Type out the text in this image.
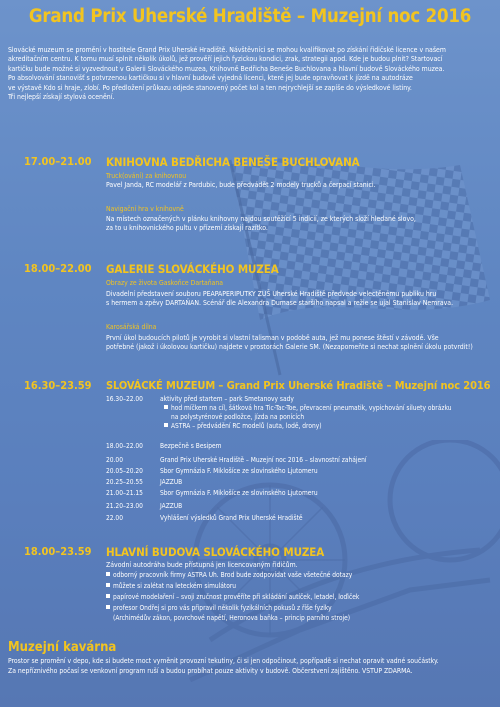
Grand Prix Uherské Hradiště – Muzejní noc 2016

Slovácké muzeum se promění v hostitele Grand Prix Uherské Hradiště. Návštěvníci se mohou kvalifikovat po získání řidičské licence v našem

akreditačním centru. K tomu musí splnit několik úkolů, jež prověří jejich fyzickou kondici, zrak, strategii apod. Kde je budou plnit? Startovací

kartičku bude možné si vyzvednout v Galerii Slováckého muzea, Knihovně Bedřicha Beneše Buchlovana a hlavní budově Slováckého muzea.

Po absolvování stanovišť s potvrzenou kartičkou si v hlavní budově vyjedná licenci, které jej bude opravňovat k jízdě na autodráze

ve výstavě Kdo si hraje, zlobí. Po předložení průkazu odjede stanovený počet kol a ten nejrychlejší se zapíše do výsledkové listiny.

Tři nejlepší získají stylová ocenění.

17.00–21.00 KNIHOVNA BEDŘICHA BENEŠE BUCHLOVANA
Truck(ování) za knihovnou
Pavel Janda, RC modelář z Pardubic, bude předvádět 2 modely trucků a čerpací stanici.
Navigační hra v knihovně
Na místech označených v plánku knihovny najdou soutěžící 5 indicií, ze kterých složí hledané slovo,
za to u knihovnického pultu v přízemí získají razítko.
18.00–22.00 GALERIE SLOVÁCKÉHO MUZEA
Obrazy ze života Gaskoňce Dartaňana
Divadelní představení souboru PEAPAPERIPUTKY ZUŠ Uherské Hradiště předvede velectěnému publiku hru
s hermem a zpěvy DARTAŇAN. Scénář dle Alexandra Dumase staršího napsal a režie se ujal Stanislav Nemrava.
Karosářská dílna
První úkol budoucích pilotů je vyrobit si vlastní talisman v podobě auta, jež mu ponese štěstí v závodě. Vše
potřebné (jakož i úkolovou kartičku) najdete v prostorách Galerie SM. (Nezapomeňte si nechat splnění úkolu potvrdit!)
16.30–23.59 SLOVÁCKÉ MUZEUM – Grand Prix Uherské Hradiště – Muzejní noc 2016
16.30–22.00	aktivity před startem – park Smetanovy sady
hod míčkem na cíl, šátková hra Tic-Tac-Toe, převracení pneumatik, vypichování siluety obrázku
na polystyrénové podložce, jízda na ponících
ASTRA – předvádění RC modelů (auta, lodě, drony)
18.00–22.00	Bezpečně s Besipem
20.00	Grand Prix Uherské Hradiště – Muzejní noc 2016 – slavnostní zahájení
20.05–20.20	Sbor Gymnázia F. Miklošíce ze slovinského Ljutomeru
20.25–20.55	JAZZUB
21.00–21.15	Sbor Gymnázia F. Miklošíce ze slovinského Ljutomeru
21.20–23.00	JAZZUB
22.00	Vyhlášení výsledků Grand Prix Uherské Hradiště
18.00–23.59 HLAVNÍ BUDOVA SLOVÁCKÉHO MUZEA
Závodní autodráha bude přístupná jen licencovaným řidičům.
odborný pracovník firmy ASTRA Uh. Brod bude zodpovídat vaše všetečné dotazy
můžete si zalétat na leteckém simulátoru
papírové modelaření – svoji zručnost prověříte při skládání autíček, letadel, loďiček
profesor Ondřej si pro vás připravil několik fyzikálních pokusů z říše fyziky
(Archimédův zákon, povrchové napětí, Heronova baňka – princip parního stroje)
Muzejní kavárna
Prostor se promění v depo, kde si budete moct vyměnit provozní tekutiny, či si jen odpočinout, popřípadě si nechat opravit vadné součástky.
Za nepříznivého počasí se venkovní program ruší a budou probíhat pouze aktivity v budově. Občerstvení zajištěno. VSTUP ZDARMA.
